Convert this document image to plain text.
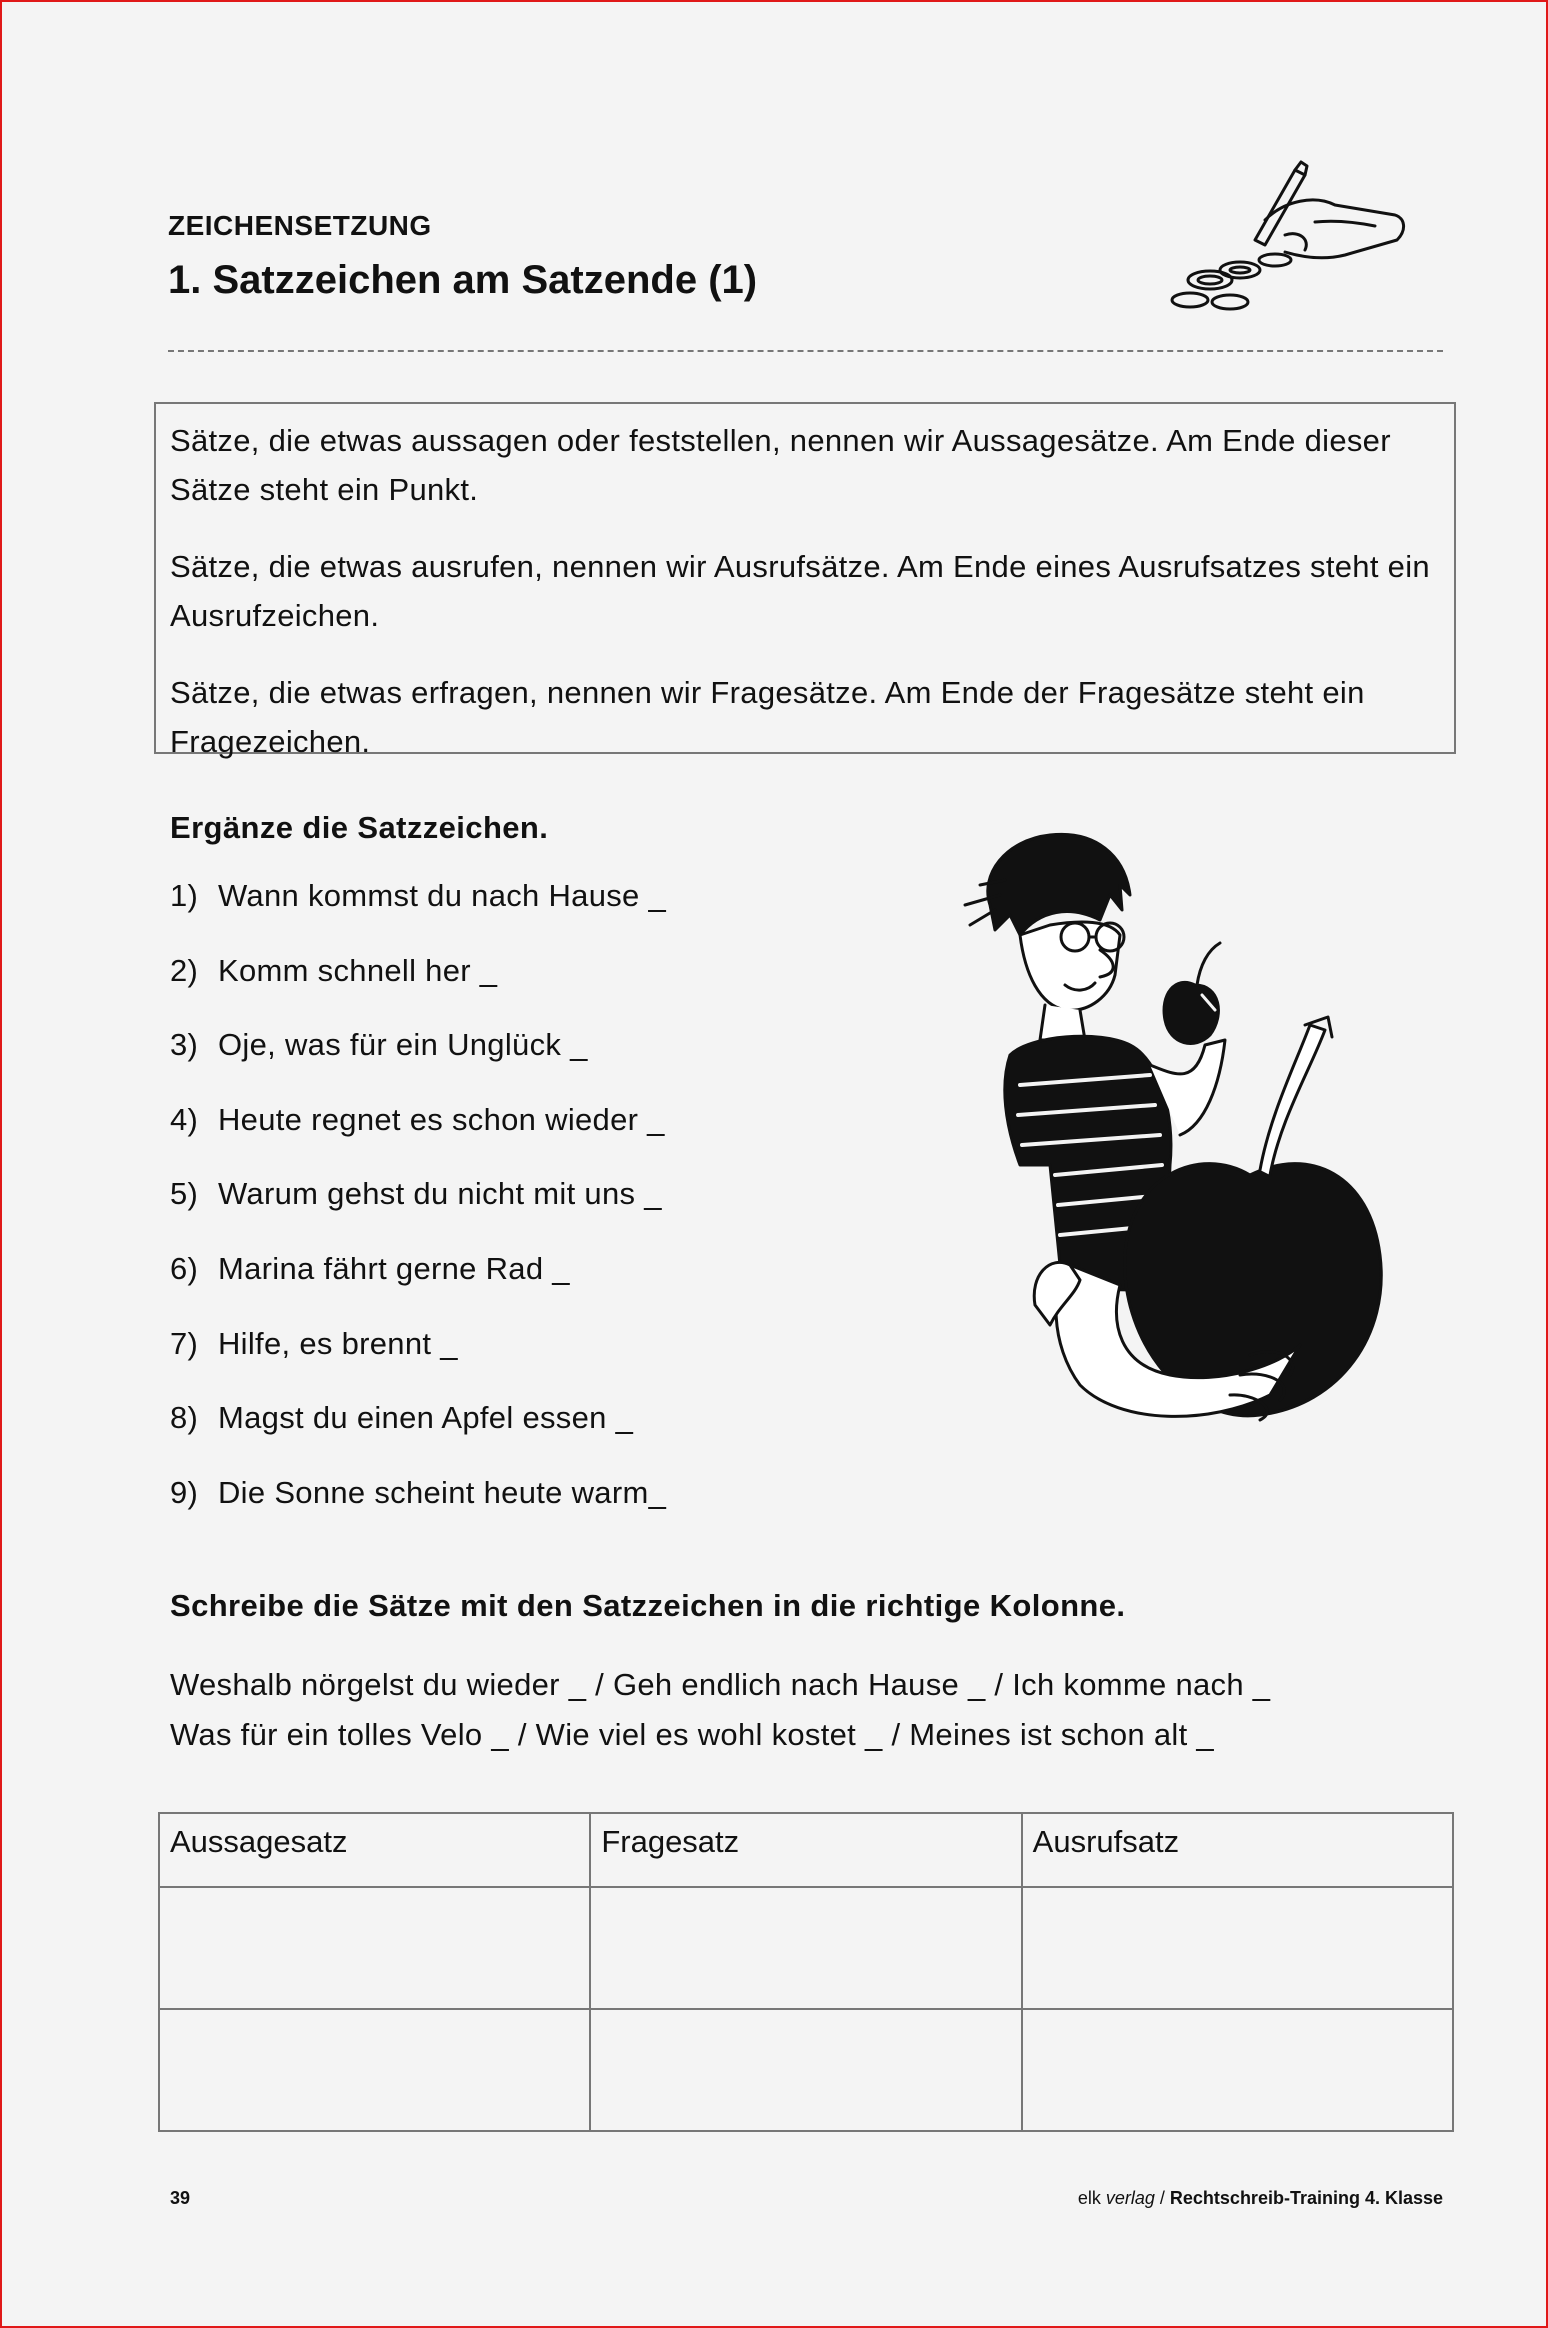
ZEICHENSETZUNG
1. Satzzeichen am Satzende (1)

Sätze, die etwas aussagen oder feststellen, nennen wir Aussagesätze. Am Ende dieser Sätze steht ein Punkt.

Sätze, die etwas ausrufen, nennen wir Ausrufsätze. Am Ende eines Ausrufsatzes steht ein Ausrufzeichen.

Sätze, die etwas erfragen, nennen wir Fragesätze. Am Ende der Fragesätze steht ein Fragezeichen.

Ergänze die Satzzeichen.
1) Wann kommst du nach Hause _
2) Komm schnell her _
3) Oje, was für ein Unglück _
4) Heute regnet es schon wieder _
5) Warum gehst du nicht mit uns _
6) Marina fährt gerne Rad _
7) Hilfe, es brennt _
8) Magst du einen Apfel essen _
9) Die Sonne scheint heute warm_
Schreibe die Sätze mit den Satzzeichen in die richtige Kolonne.
Weshalb nörgelst du wieder _ / Geh endlich nach Hause _ / Ich komme nach _
Was für ein tolles Velo _ / Wie viel es wohl kostet _ / Meines ist schon alt _
Aussagesatz	Fragesatz	Ausrufsatz

39	elk verlag / Rechtschreib-Training 4. Klasse
